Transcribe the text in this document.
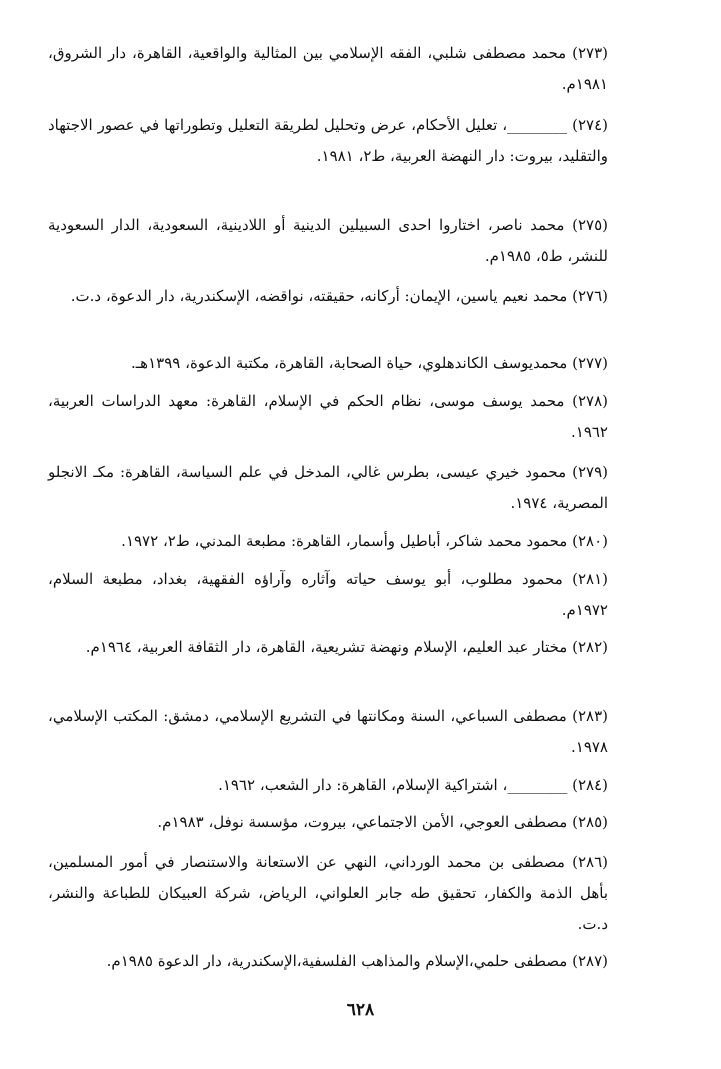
(٢٧٣) محمد مصطفى شلبي، الفقه الإسلامي بين المثالية والواقعية، القاهرة، دار الشروق، ١٩٨١م.
(٢٧٤) ________، تعليل الأحكام، عرض وتحليل لطريقة التعليل وتطوراتها في عصور الاجتهاد والتقليد، بيروت: دار النهضة العربية، ط٢، ١٩٨١.
(٢٧٥) محمد ناصر، اختاروا احدى السبيلين الدينية أو اللادينية، السعودية، الدار السعودية للنشر، ط٥، ١٩٨٥م.
(٢٧٦) محمد نعيم ياسين، الإيمان: أركانه، حقيقته، نواقضه، الإسكندرية، دار الدعوة، د.ت.
(٢٧٧) محمديوسف الكاندهلوي، حياة الصحابة، القاهرة، مكتبة الدعوة، ١٣٩٩هـ.
(٢٧٨) محمد يوسف موسى، نظام الحكم في الإسلام، القاهرة: معهد الدراسات العربية، ١٩٦٢.
(٢٧٩) محمود خيري عيسى، بطرس غالي، المدخل في علم السياسة، القاهرة: مكـ الانجلو المصرية، ١٩٧٤.
(٢٨٠) محمود محمد شاكر، أباطيل وأسمار، القاهرة: مطبعة المدني، ط٢، ١٩٧٢.
(٢٨١) محمود مطلوب، أبو يوسف حياته وآثاره وآراؤه الفقهية، بغداد، مطبعة السلام، ١٩٧٢م.
(٢٨٢) مختار عبد العليم، الإسلام ونهضة تشريعية، القاهرة، دار الثقافة العربية، ١٩٦٤م.
(٢٨٣) مصطفى السباعي، السنة ومكانتها في التشريع الإسلامي، دمشق: المكتب الإسلامي، ١٩٧٨.
(٢٨٤) ________، اشتراكية الإسلام، القاهرة: دار الشعب، ١٩٦٢.
(٢٨٥) مصطفى العوجي، الأمن الاجتماعي، بيروت، مؤسسة نوفل، ١٩٨٣م.
(٢٨٦) مصطفى بن محمد الورداني، النهي عن الاستعانة والاستنصار في أمور المسلمين، بأهل الذمة والكفار، تحقيق طه جابر العلواني، الرياض، شركة العبيكان للطباعة والنشر، د.ت.
(٢٨٧) مصطفى حلمي،الإسلام والمذاهب الفلسفية،الإسكندرية، دار الدعوة ١٩٨٥م.
٦٢٨
